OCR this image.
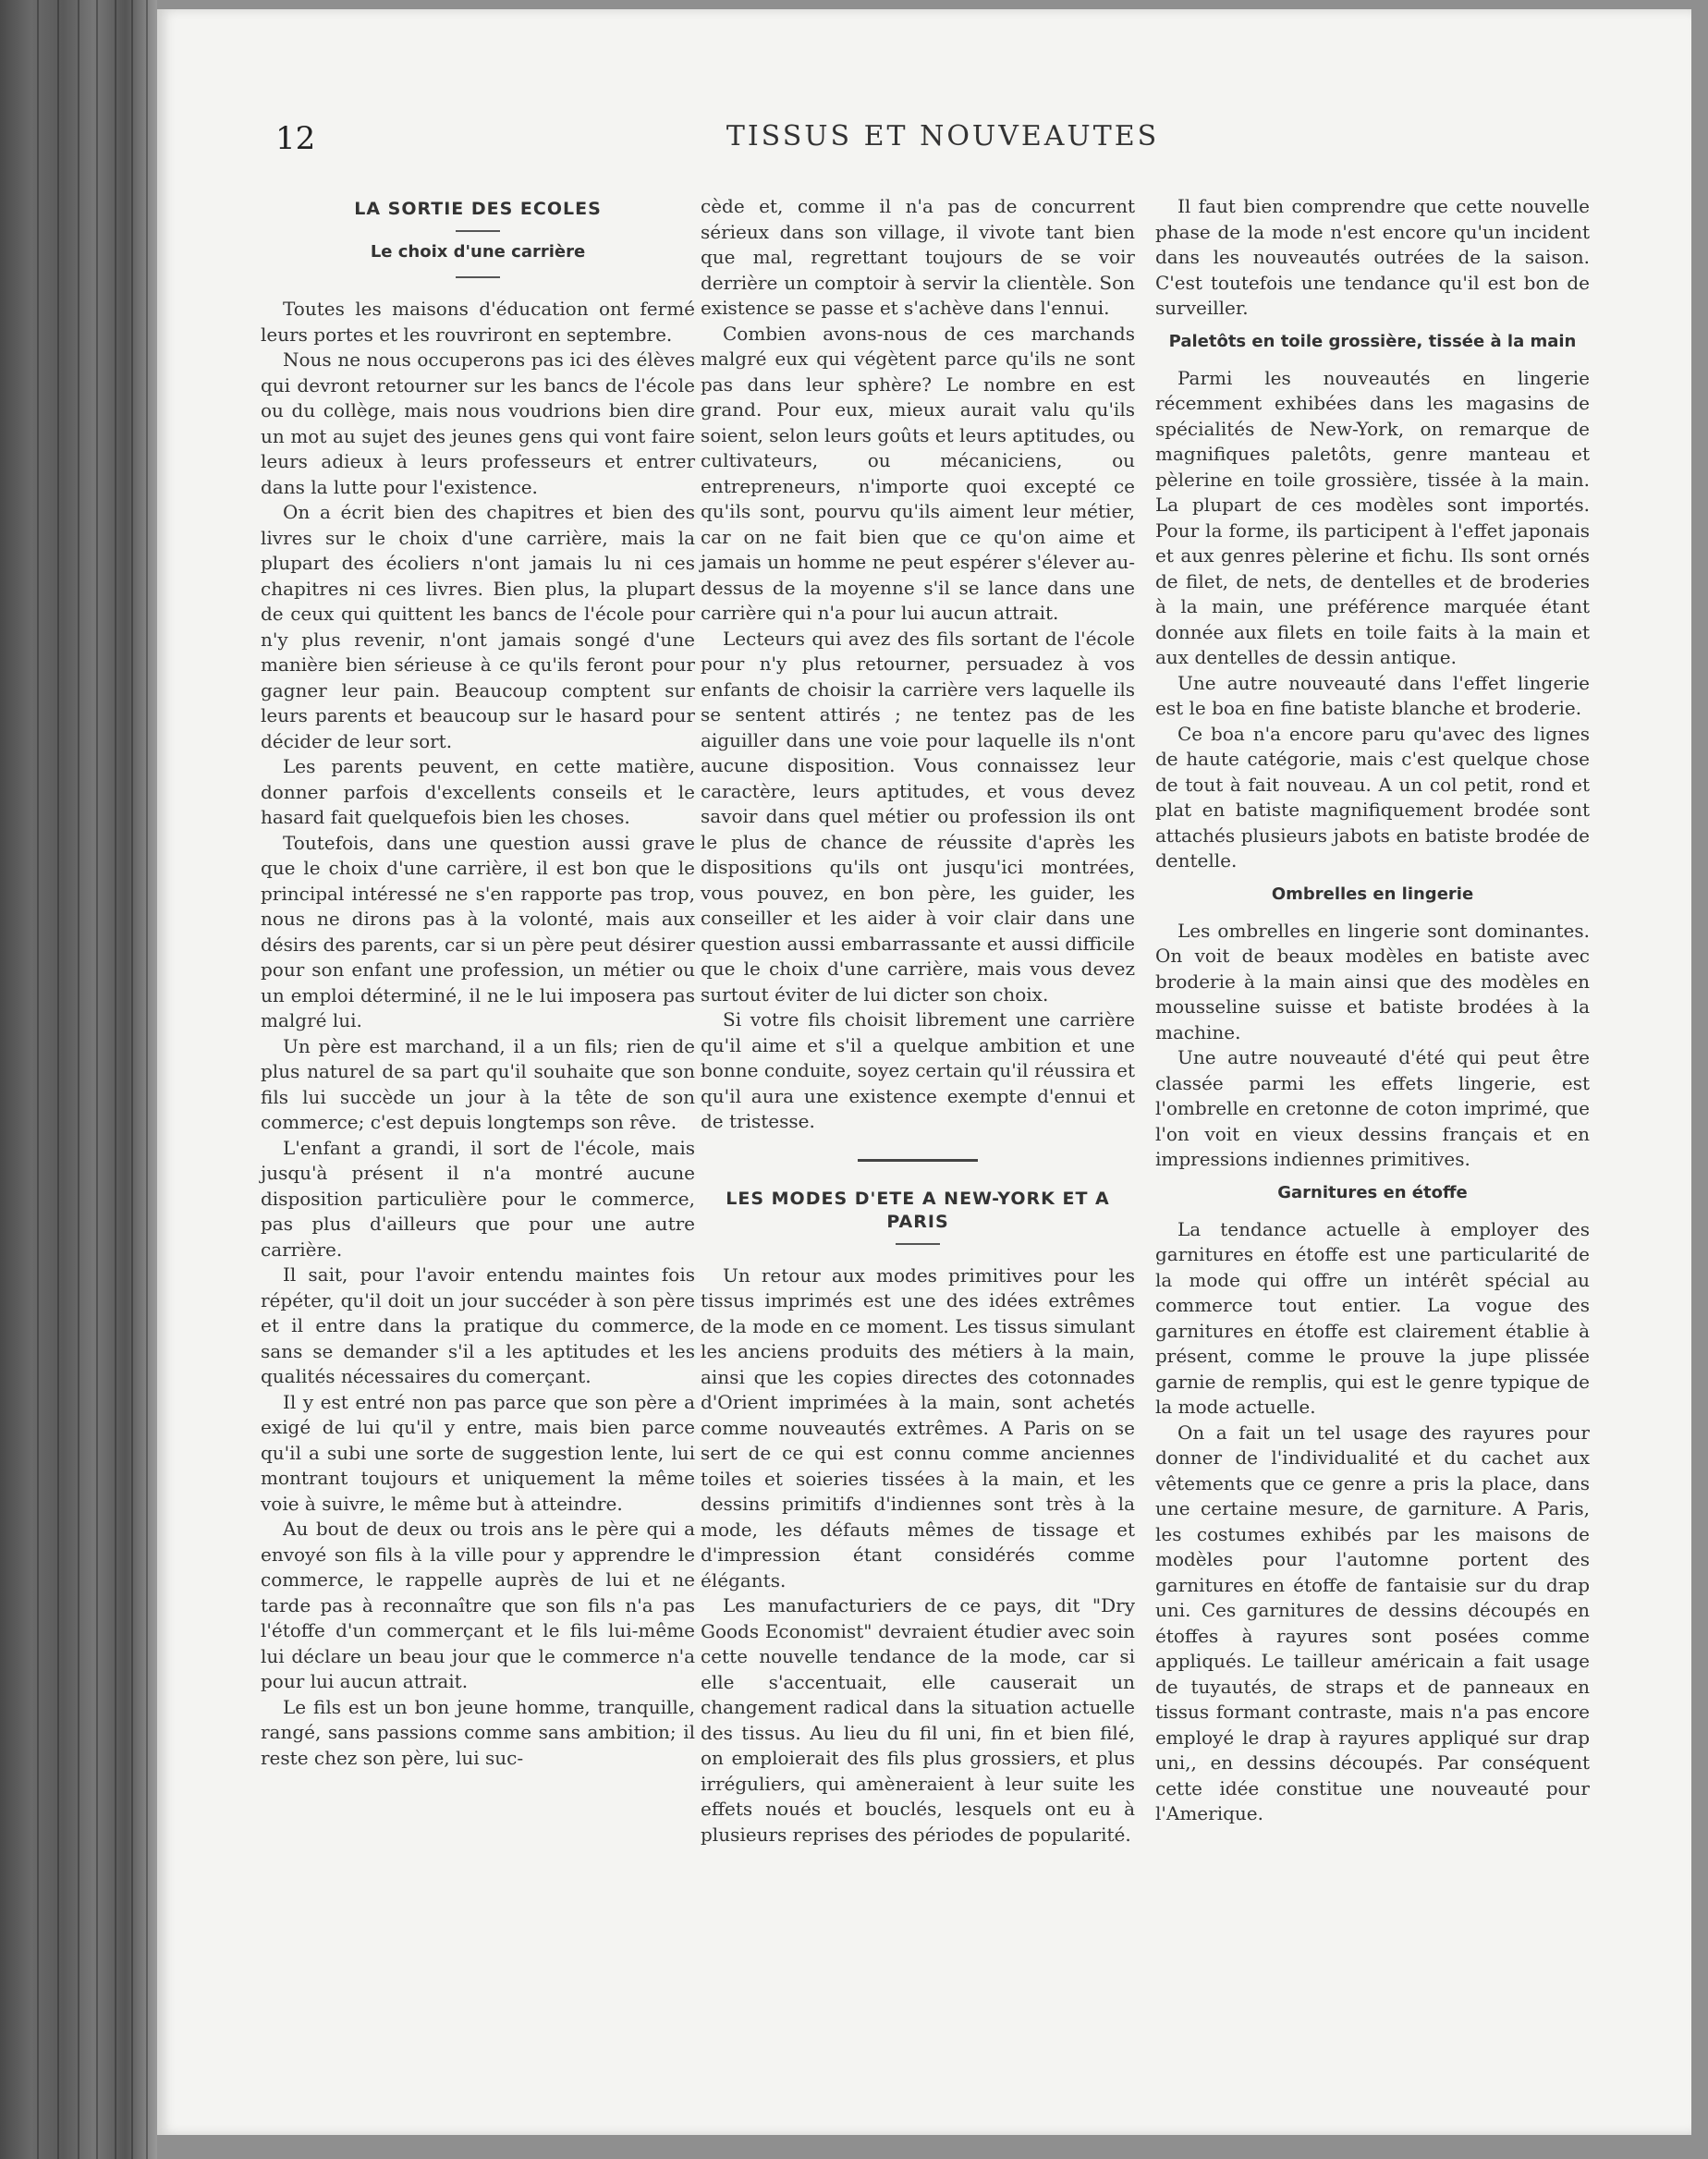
12	TISSUS ET NOUVEAUTES
LA SORTIE DES ECOLES
Le choix d'une carrière

Toutes les maisons d'éducation ont fermé leurs portes et les rouvriront en septembre.

Nous ne nous occuperons pas ici des élèves qui devront retourner sur les bancs de l'école ou du collège, mais nous voudrions bien dire un mot au sujet des jeunes gens qui vont faire leurs adieux à leurs professeurs et entrer dans la lutte pour l'existence.

On a écrit bien des chapitres et bien des livres sur le choix d'une carrière, mais la plupart des écoliers n'ont jamais lu ni ces chapitres ni ces livres. Bien plus, la plupart de ceux qui quittent les bancs de l'école pour n'y plus revenir, n'ont jamais songé d'une manière bien sérieuse à ce qu'ils feront pour gagner leur pain. Beaucoup comptent sur leurs parents et beaucoup sur le hasard pour décider de leur sort.

Les parents peuvent, en cette matière, donner parfois d'excellents conseils et le hasard fait quelquefois bien les choses.

Toutefois, dans une question aussi grave que le choix d'une carrière, il est bon que le principal intéressé ne s'en rapporte pas trop, nous ne dirons pas à la volonté, mais aux désirs des parents, car si un père peut désirer pour son enfant une profession, un métier ou un emploi déterminé, il ne le lui imposera pas malgré lui.

Un père est marchand, il a un fils; rien de plus naturel de sa part qu'il souhaite que son fils lui succède un jour à la tête de son commerce; c'est depuis longtemps son rêve.

L'enfant a grandi, il sort de l'école, mais jusqu'à présent il n'a montré aucune disposition particulière pour le commerce, pas plus d'ailleurs que pour une autre carrière.

Il sait, pour l'avoir entendu maintes fois répéter, qu'il doit un jour succéder à son père et il entre dans la pratique du commerce, sans se demander s'il a les aptitudes et les qualités nécessaires du comerçant.

Il y est entré non pas parce que son père a exigé de lui qu'il y entre, mais bien parce qu'il a subi une sorte de suggestion lente, lui montrant toujours et uniquement la même voie à suivre, le même but à atteindre.

Au bout de deux ou trois ans le père qui a envoyé son fils à la ville pour y apprendre le commerce, le rappelle auprès de lui et ne tarde pas à reconnaître que son fils n'a pas l'étoffe d'un commerçant et le fils lui-même lui déclare un beau jour que le commerce n'a pour lui aucun attrait.

Le fils est un bon jeune homme, tranquille, rangé, sans passions comme sans ambition; il reste chez son père, lui suc-

cède et, comme il n'a pas de concurrent sérieux dans son village, il vivote tant bien que mal, regrettant toujours de se voir derrière un comptoir à servir la clientèle. Son existence se passe et s'achève dans l'ennui.

Combien avons-nous de ces marchands malgré eux qui végètent parce qu'ils ne sont pas dans leur sphère? Le nombre en est grand. Pour eux, mieux aurait valu qu'ils soient, selon leurs goûts et leurs aptitudes, ou cultivateurs, ou mécaniciens, ou entrepreneurs, n'importe quoi excepté ce qu'ils sont, pourvu qu'ils aiment leur métier, car on ne fait bien que ce qu'on aime et jamais un homme ne peut espérer s'élever au-dessus de la moyenne s'il se lance dans une carrière qui n'a pour lui aucun attrait.

Lecteurs qui avez des fils sortant de l'école pour n'y plus retourner, persuadez à vos enfants de choisir la carrière vers laquelle ils se sentent attirés ; ne tentez pas de les aiguiller dans une voie pour laquelle ils n'ont aucune disposition. Vous connaissez leur caractère, leurs aptitudes, et vous devez savoir dans quel métier ou profession ils ont le plus de chance de réussite d'après les dispositions qu'ils ont jusqu'ici montrées, vous pouvez, en bon père, les guider, les conseiller et les aider à voir clair dans une question aussi embarrassante et aussi difficile que le choix d'une carrière, mais vous devez surtout éviter de lui dicter son choix.

Si votre fils choisit librement une carrière qu'il aime et s'il a quelque ambition et une bonne conduite, soyez certain qu'il réussira et qu'il aura une existence exempte d'ennui et de tristesse.

LES MODES D'ETE A NEW-YORK ET A PARIS

Un retour aux modes primitives pour les tissus imprimés est une des idées extrêmes de la mode en ce moment. Les tissus simulant les anciens produits des métiers à la main, ainsi que les copies directes des cotonnades d'Orient imprimées à la main, sont achetés comme nouveautés extrêmes. A Paris on se sert de ce qui est connu comme anciennes toiles et soieries tissées à la main, et les dessins primitifs d'indiennes sont très à la mode, les défauts mêmes de tissage et d'impression étant considérés comme élégants.

Les manufacturiers de ce pays, dit "Dry Goods Economist" devraient étudier avec soin cette nouvelle tendance de la mode, car si elle s'accentuait, elle causerait un changement radical dans la situation actuelle des tissus. Au lieu du fil uni, fin et bien filé, on emploierait des fils plus grossiers, et plus irréguliers, qui amèneraient à leur suite les effets noués et bouclés, lesquels ont eu à plusieurs reprises des périodes de popularité.

Il faut bien comprendre que cette nouvelle phase de la mode n'est encore qu'un incident dans les nouveautés outrées de la saison. C'est toutefois une tendance qu'il est bon de surveiller.

Paletôts en toile grossière, tissée à la main

Parmi les nouveautés en lingerie récemment exhibées dans les magasins de spécialités de New-York, on remarque de magnifiques paletôts, genre manteau et pèlerine en toile grossière, tissée à la main. La plupart de ces modèles sont importés. Pour la forme, ils participent à l'effet japonais et aux genres pèlerine et fichu. Ils sont ornés de filet, de nets, de dentelles et de broderies à la main, une préférence marquée étant donnée aux filets en toile faits à la main et aux dentelles de dessin antique.

Une autre nouveauté dans l'effet lingerie est le boa en fine batiste blanche et broderie.

Ce boa n'a encore paru qu'avec des lignes de haute catégorie, mais c'est quelque chose de tout à fait nouveau. A un col petit, rond et plat en batiste magnifiquement brodée sont attachés plusieurs jabots en batiste brodée de dentelle.

Ombrelles en lingerie

Les ombrelles en lingerie sont dominantes. On voit de beaux modèles en batiste avec broderie à la main ainsi que des modèles en mousseline suisse et batiste brodées à la machine.

Une autre nouveauté d'été qui peut être classée parmi les effets lingerie, est l'ombrelle en cretonne de coton imprimé, que l'on voit en vieux dessins français et en impressions indiennes primitives.

Garnitures en étoffe

La tendance actuelle à employer des garnitures en étoffe est une particularité de la mode qui offre un intérêt spécial au commerce tout entier. La vogue des garnitures en étoffe est clairement établie à présent, comme le prouve la jupe plissée garnie de remplis, qui est le genre typique de la mode actuelle.

On a fait un tel usage des rayures pour donner de l'individualité et du cachet aux vêtements que ce genre a pris la place, dans une certaine mesure, de garniture. A Paris, les costumes exhibés par les maisons de modèles pour l'automne portent des garnitures en étoffe de fantaisie sur du drap uni. Ces garnitures de dessins découpés en étoffes à rayures sont posées comme appliqués. Le tailleur américain a fait usage de tuyautés, de straps et de panneaux en tissus formant contraste, mais n'a pas encore employé le drap à rayures appliqué sur drap uni,, en dessins découpés. Par conséquent cette idée constitue une nouveauté pour l'Amerique.
